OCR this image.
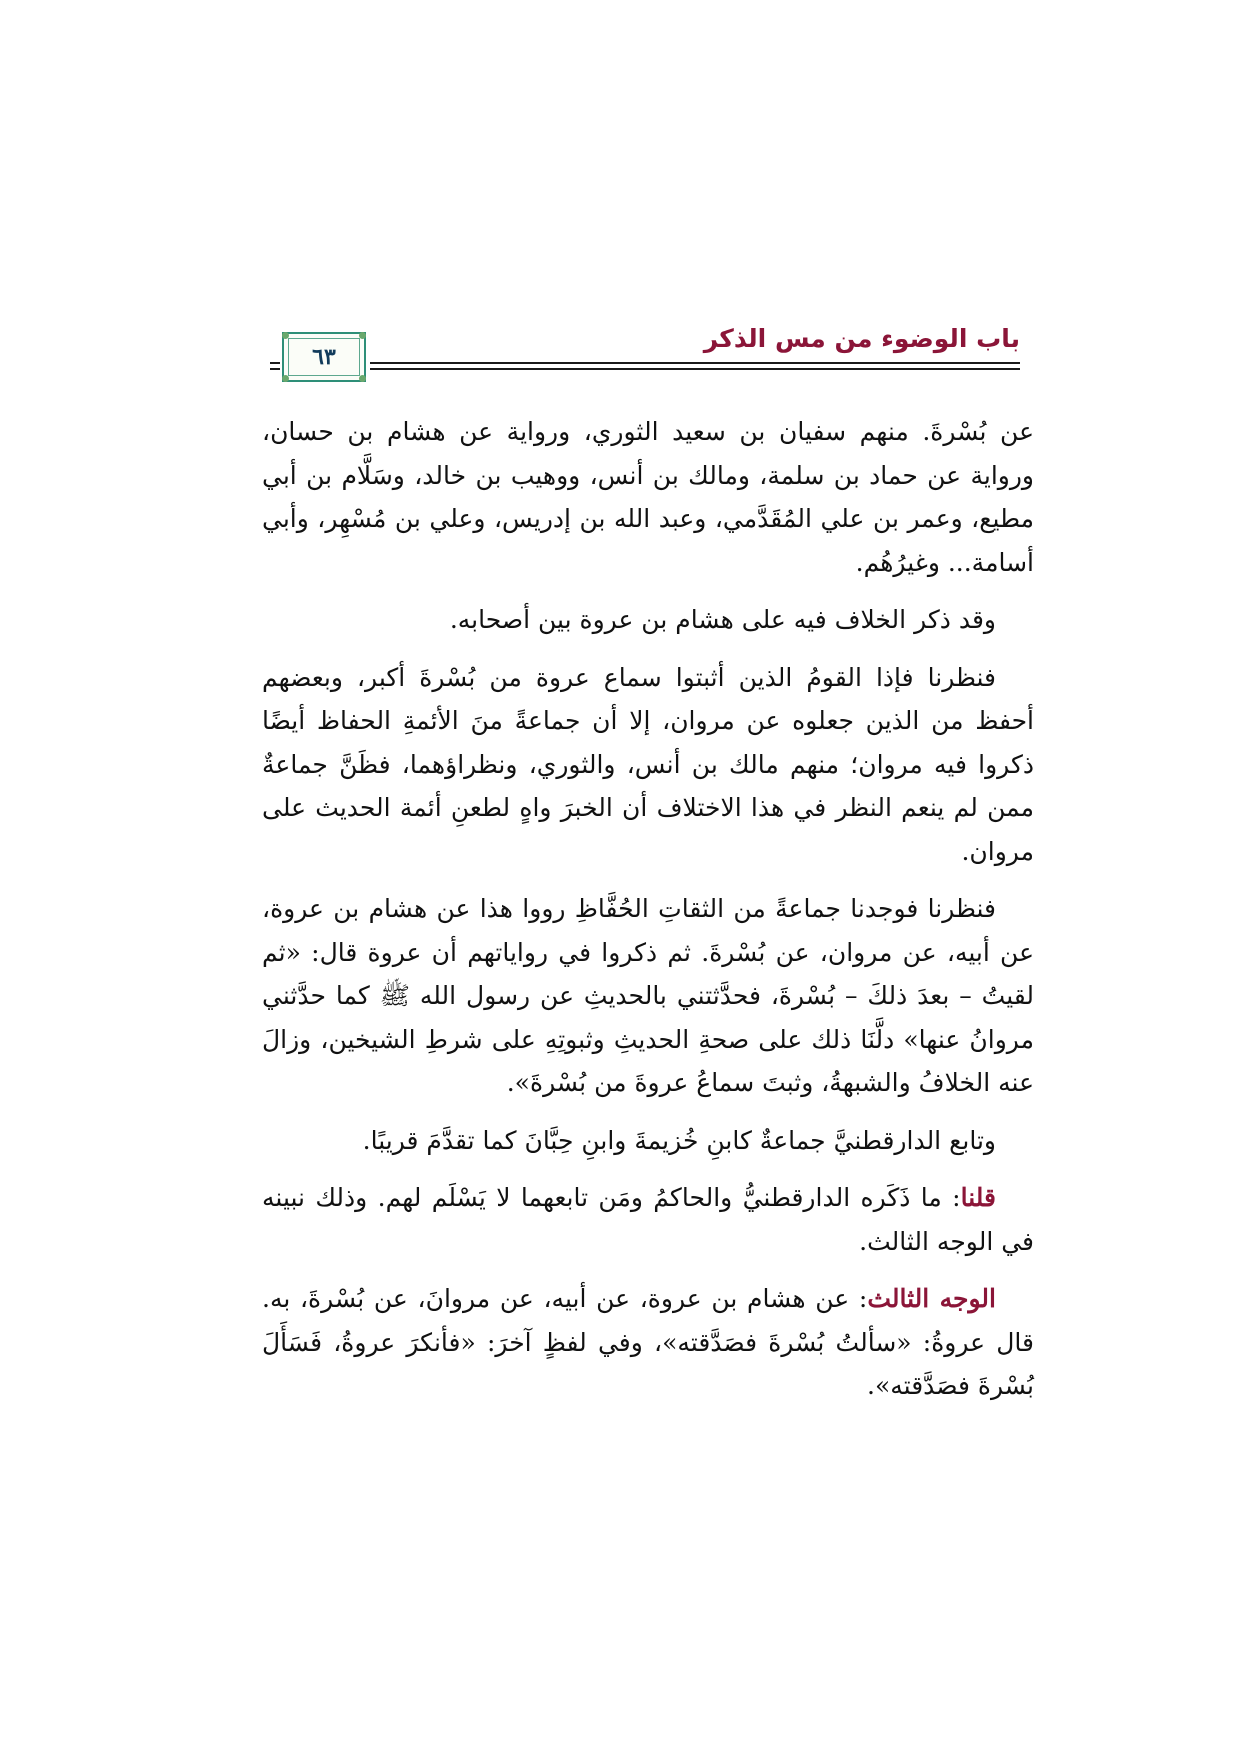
باب الوضوء من مس الذكر
٦٣

عن بُسْرةَ. منهم سفيان بن سعيد الثوري، ورواية عن هشام بن حسان، ورواية عن حماد بن سلمة، ومالك بن أنس، ووهيب بن خالد، وسَلَّام بن أبي مطيع، وعمر بن علي المُقَدَّمي، وعبد الله بن إدريس، وعلي بن مُسْهِر، وأبي أسامة... وغيرُهُم.

وقد ذكر الخلاف فيه على هشام بن عروة بين أصحابه.

فنظرنا فإذا القومُ الذين أثبتوا سماع عروة من بُسْرةَ أكبر، وبعضهم أحفظ من الذين جعلوه عن مروان، إلا أن جماعةً منَ الأئمةِ الحفاظ أيضًا ذكروا فيه مروان؛ منهم مالك بن أنس، والثوري، ونظراؤهما، فظَنَّ جماعةٌ ممن لم ينعم النظر في هذا الاختلاف أن الخبرَ واهٍ لطعنِ أئمة الحديث على مروان.

فنظرنا فوجدنا جماعةً من الثقاتِ الحُفَّاظِ رووا هذا عن هشام بن عروة، عن أبيه، عن مروان، عن بُسْرةَ. ثم ذكروا في رواياتهم أن عروة قال: «ثم لقيتُ – بعدَ ذلكَ – بُسْرةَ، فحدَّثتني بالحديثِ عن رسول الله ﷺ كما حدَّثني مروانُ عنها» دلَّنَا ذلك على صحةِ الحديثِ وثبوتِهِ على شرطِ الشيخين، وزالَ عنه الخلافُ والشبهةُ، وثبتَ سماعُ عروةَ من بُسْرةَ».

وتابع الدارقطنيَّ جماعةٌ كابنِ خُزيمةَ وابنِ حِبَّانَ كما تقدَّمَ قريبًا.

قلنا: ما ذَكَره الدارقطنيُّ والحاكمُ ومَن تابعهما لا يَسْلَم لهم. وذلك نبينه في الوجه الثالث.

الوجه الثالث: عن هشام بن عروة، عن أبيه، عن مروانَ، عن بُسْرةَ، به. قال عروةُ: «سألتُ بُسْرةَ فصَدَّقته»، وفي لفظٍ آخرَ: «فأنكرَ عروةُ، فَسَأَلَ بُسْرةَ فصَدَّقته».
